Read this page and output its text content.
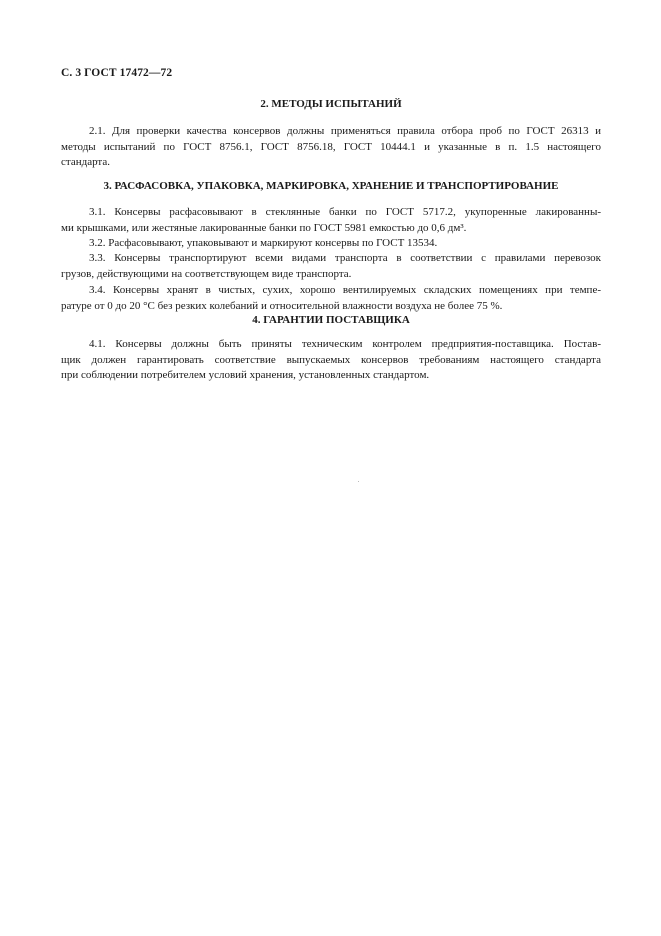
С. 3 ГОСТ 17472—72
2. МЕТОДЫ ИСПЫТАНИЙ
2.1. Для проверки качества консервов должны применяться правила отбора проб по ГОСТ 26313 и
методы испытаний по ГОСТ 8756.1, ГОСТ 8756.18, ГОСТ 10444.1 и указанные в п. 1.5 настоящего
стандарта.
3. РАСФАСОВКА, УПАКОВКА, МАРКИРОВКА, ХРАНЕНИЕ И ТРАНСПОРТИРОВАНИЕ
3.1. Консервы расфасовывают в стеклянные банки по ГОСТ 5717.2, укупоренные лакированны-
ми крышками, или жестяные лакированные банки по ГОСТ 5981 емкостью до 0,6 дм³.
3.2. Расфасовывают, упаковывают и маркируют консервы по ГОСТ 13534.
3.3. Консервы транспортируют всеми видами транспорта в соответствии с правилами перевозок
грузов, действующими на соответствующем виде транспорта.
3.4. Консервы хранят в чистых, сухих, хорошо вентилируемых складских помещениях при темпе-
ратуре от 0 до 20 °С без резких колебаний и относительной влажности воздуха не более 75 %.
4. ГАРАНТИИ ПОСТАВЩИКА
4.1. Консервы должны быть приняты техническим контролем предприятия-поставщика. Постав-
щик должен гарантировать соответствие выпускаемых консервов требованиям настоящего стандарта
при соблюдении потребителем условий хранения, установленных стандартом.
